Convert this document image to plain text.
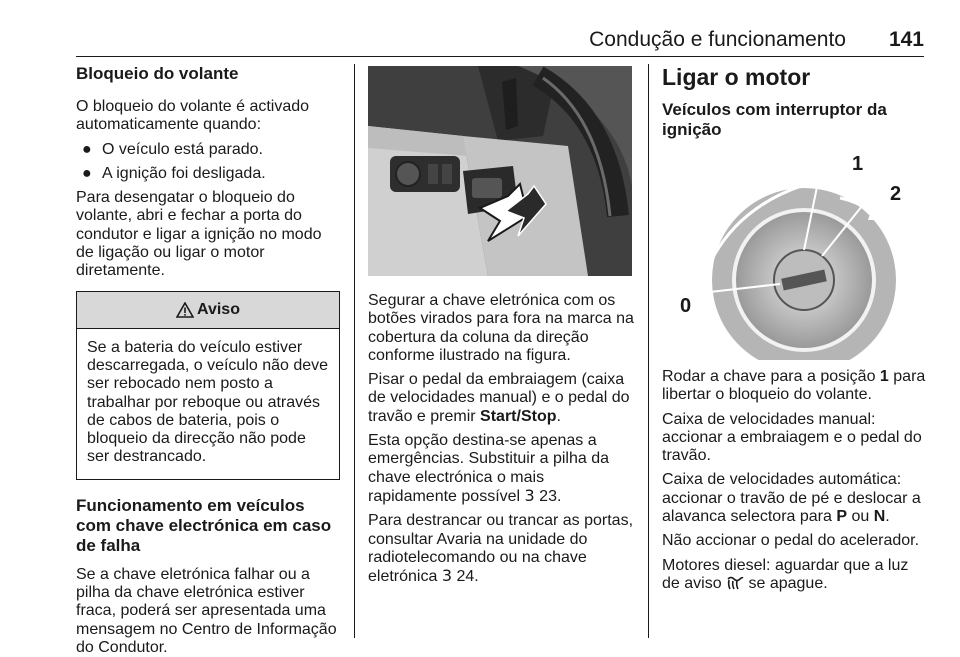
Condução e funcionamento 141
Bloqueio do volante

O bloqueio do volante é activado automaticamente quando:

● O veículo está parado.
● A ignição foi desligada.

Para desengatar o bloqueio do volante, abri e fechar a porta do condutor e ligar a ignição no modo de ligação ou ligar o motor diretamente.

Aviso

Se a bateria do veículo estiver descarregada, o veículo não deve ser rebocado nem posto a trabalhar por reboque ou através de cabos de bateria, pois o bloqueio da direcção não pode ser destrancado.

Funcionamento em veículos com chave electrónica em caso de falha

Se a chave eletrónica falhar ou a pilha da chave eletrónica estiver fraca, poderá ser apresentada uma mensagem no Centro de Informação do Condutor.

Segurar a chave eletrónica com os botões virados para fora na marca na cobertura da coluna da direção conforme ilustrado na figura.

Pisar o pedal da embraiagem (caixa de velocidades manual) e o pedal do travão e premir Start/Stop.

Esta opção destina-se apenas a emergências. Substituir a pilha da chave electrónica o mais rapidamente possível 3 23.

Para destrancar ou trancar as portas, consultar Avaria na unidade do radiotelecomando ou na chave eletrónica 3 24.

Ligar o motor
Veículos com interruptor da ignição
0
1
2

Rodar a chave para a posição 1 para libertar o bloqueio do volante.

Caixa de velocidades manual: accionar a embraiagem e o pedal do travão.

Caixa de velocidades automática: accionar o travão de pé e deslocar a alavanca selectora para P ou N.

Não accionar o pedal do acelerador.

Motores diesel: aguardar que a luz de aviso  se apague.
